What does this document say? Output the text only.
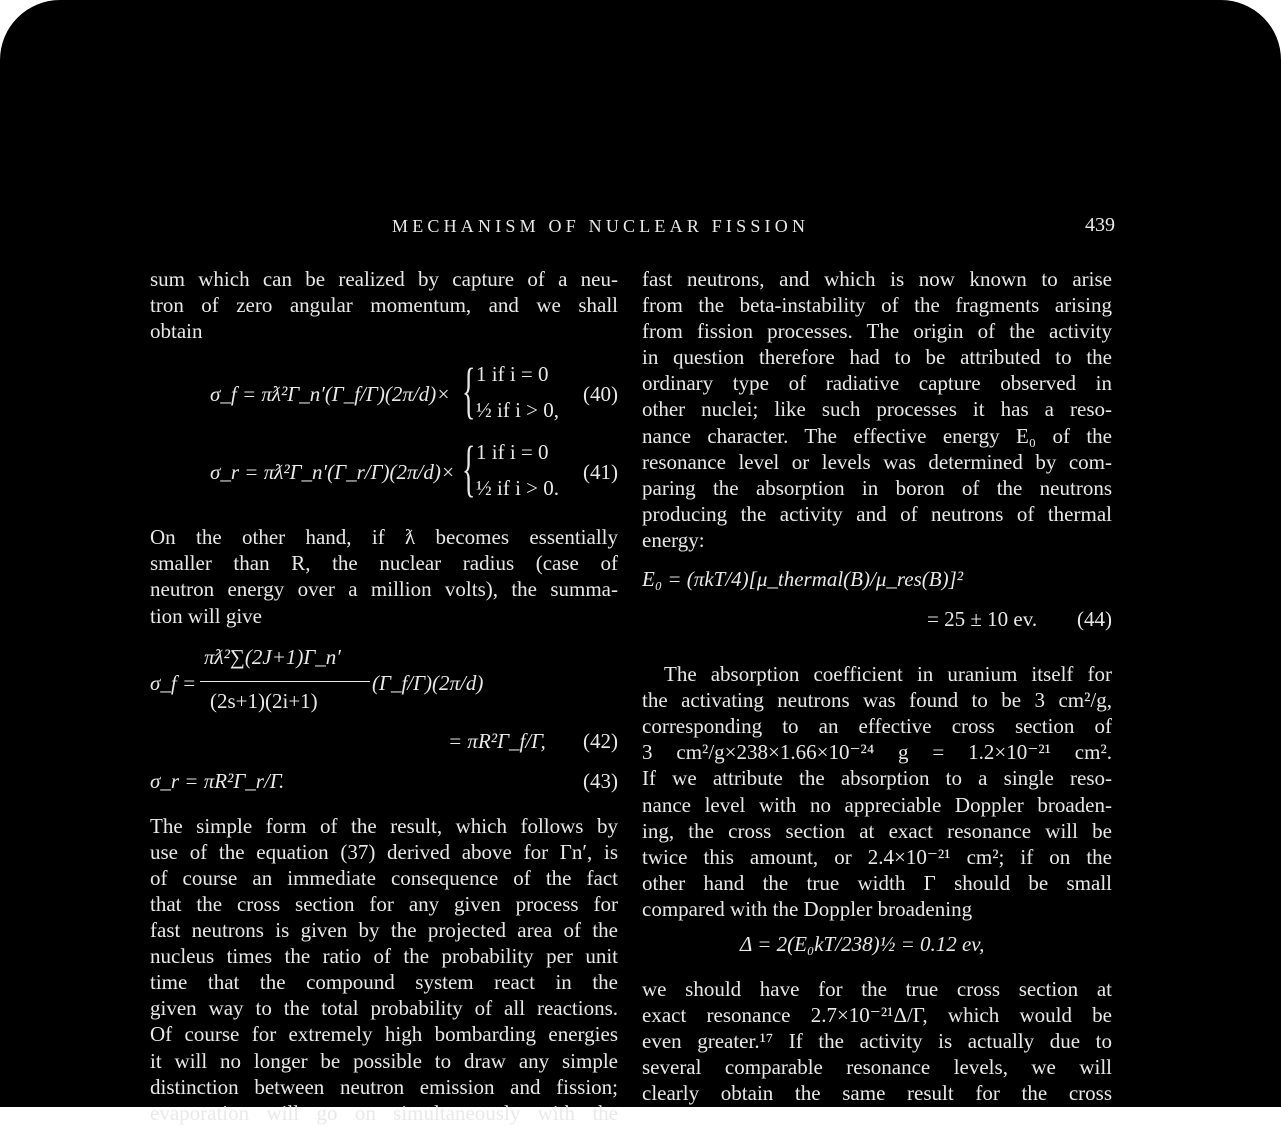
MECHANISM OF NUCLEAR FISSION	439
sum which can be realized by capture of a neu-
tron of zero angular momentum, and we shall
obtain
σ_f = πƛ²Γ_n′(Γ_f/Γ)(2π/d)× { 1 if i = 0
½ if i > 0,
(40)
σ_r = πƛ²Γ_n′(Γ_r/Γ)(2π/d)× { 1 if i = 0
½ if i > 0.
(41)
On the other hand, if ƛ becomes essentially
smaller than R, the nuclear radius (case of
neutron energy over a million volts), the summa-
tion will give
σ_f =
πƛ²∑(2J+1)Γ_n′
(2s+1)(2i+1)
(Γ_f/Γ)(2π/d)
= πR²Γ_f/Γ, (42)
σ_r = πR²Γ_r/Γ.	(43)
The simple form of the result, which follows by
use of the equation (37) derived above for Γn′, is
of course an immediate consequence of the fact
that the cross section for any given process for
fast neutrons is given by the projected area of the
nucleus times the ratio of the probability per unit
time that the compound system react in the
given way to the total probability of all reactions.
Of course for extremely high bombarding energies
it will no longer be possible to draw any simple
distinction between neutron emission and fission;
evaporation will go on simultaneously with the
fast neutrons, and which is now known to arise
from the beta-instability of the fragments arising
from fission processes. The origin of the activity
in question therefore had to be attributed to the
ordinary type of radiative capture observed in
other nuclei; like such processes it has a reso-
nance character. The effective energy E₀ of the
resonance level or levels was determined by com-
paring the absorption in boron of the neutrons
producing the activity and of neutrons of thermal
energy:
E₀ = (πkT/4)[μ_thermal(B)/μ_res(B)]²
= 25 ± 10 ev. (44)
The absorption coefficient in uranium itself for
the activating neutrons was found to be 3 cm²/g,
corresponding to an effective cross section of
3 cm²/g×238×1.66×10⁻²⁴ g = 1.2×10⁻²¹ cm².
If we attribute the absorption to a single reso-
nance level with no appreciable Doppler broaden-
ing, the cross section at exact resonance will be
twice this amount, or 2.4×10⁻²¹ cm²; if on the
other hand the true width Γ should be small
compared with the Doppler broadening
Δ = 2(E₀kT/238)½ = 0.12 ev,
we should have for the true cross section at
exact resonance 2.7×10⁻²¹Δ/Γ, which would be
even greater.¹⁷ If the activity is actually due to
several comparable resonance levels, we will
clearly obtain the same result for the cross
